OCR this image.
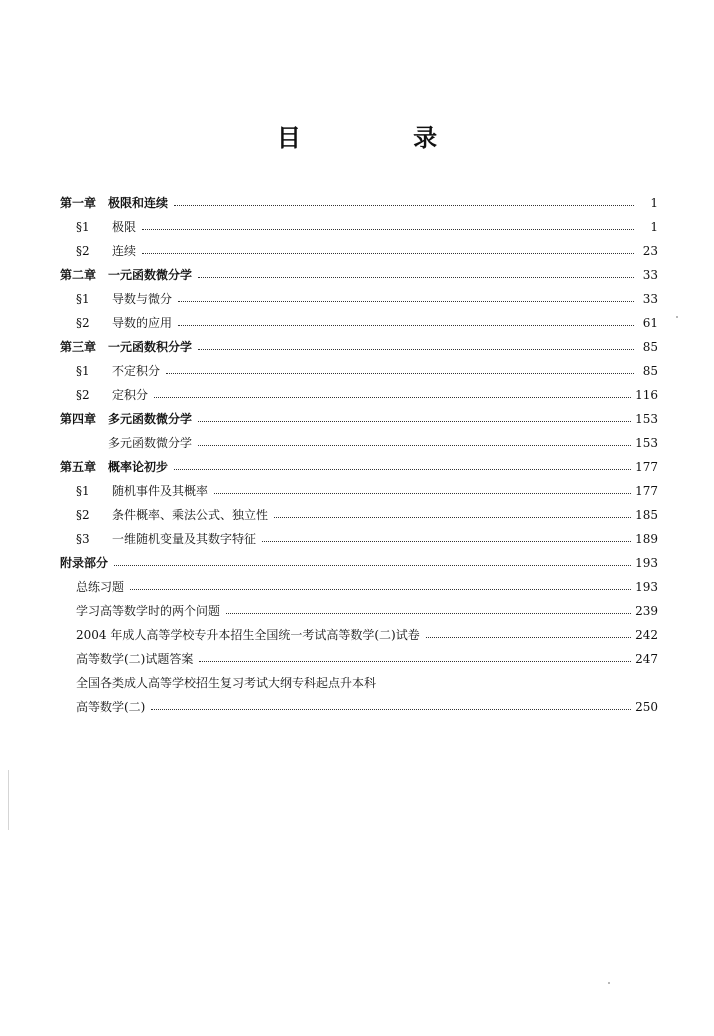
目 录
第一章 极限和连续	1
§1	极限	1
§2	连续	23
第二章 一元函数微分学	33
§1	导数与微分	33
§2	导数的应用	61
第三章 一元函数积分学	85
§1	不定积分	85
§2	定积分	116
第四章 多元函数微分学	153
多元函数微分学	153
第五章 概率论初步	177
§1	随机事件及其概率	177
§2	条件概率、乘法公式、独立性	185
§3	一维随机变量及其数字特征	189
附录部分	193
总练习题	193
学习高等数学时的两个问题	239
2004 年成人高等学校专升本招生全国统一考试高等数学(二)试卷	242
高等数学(二)试题答案	247
全国各类成人高等学校招生复习考试大纲专科起点升本科
高等数学(二)	250
